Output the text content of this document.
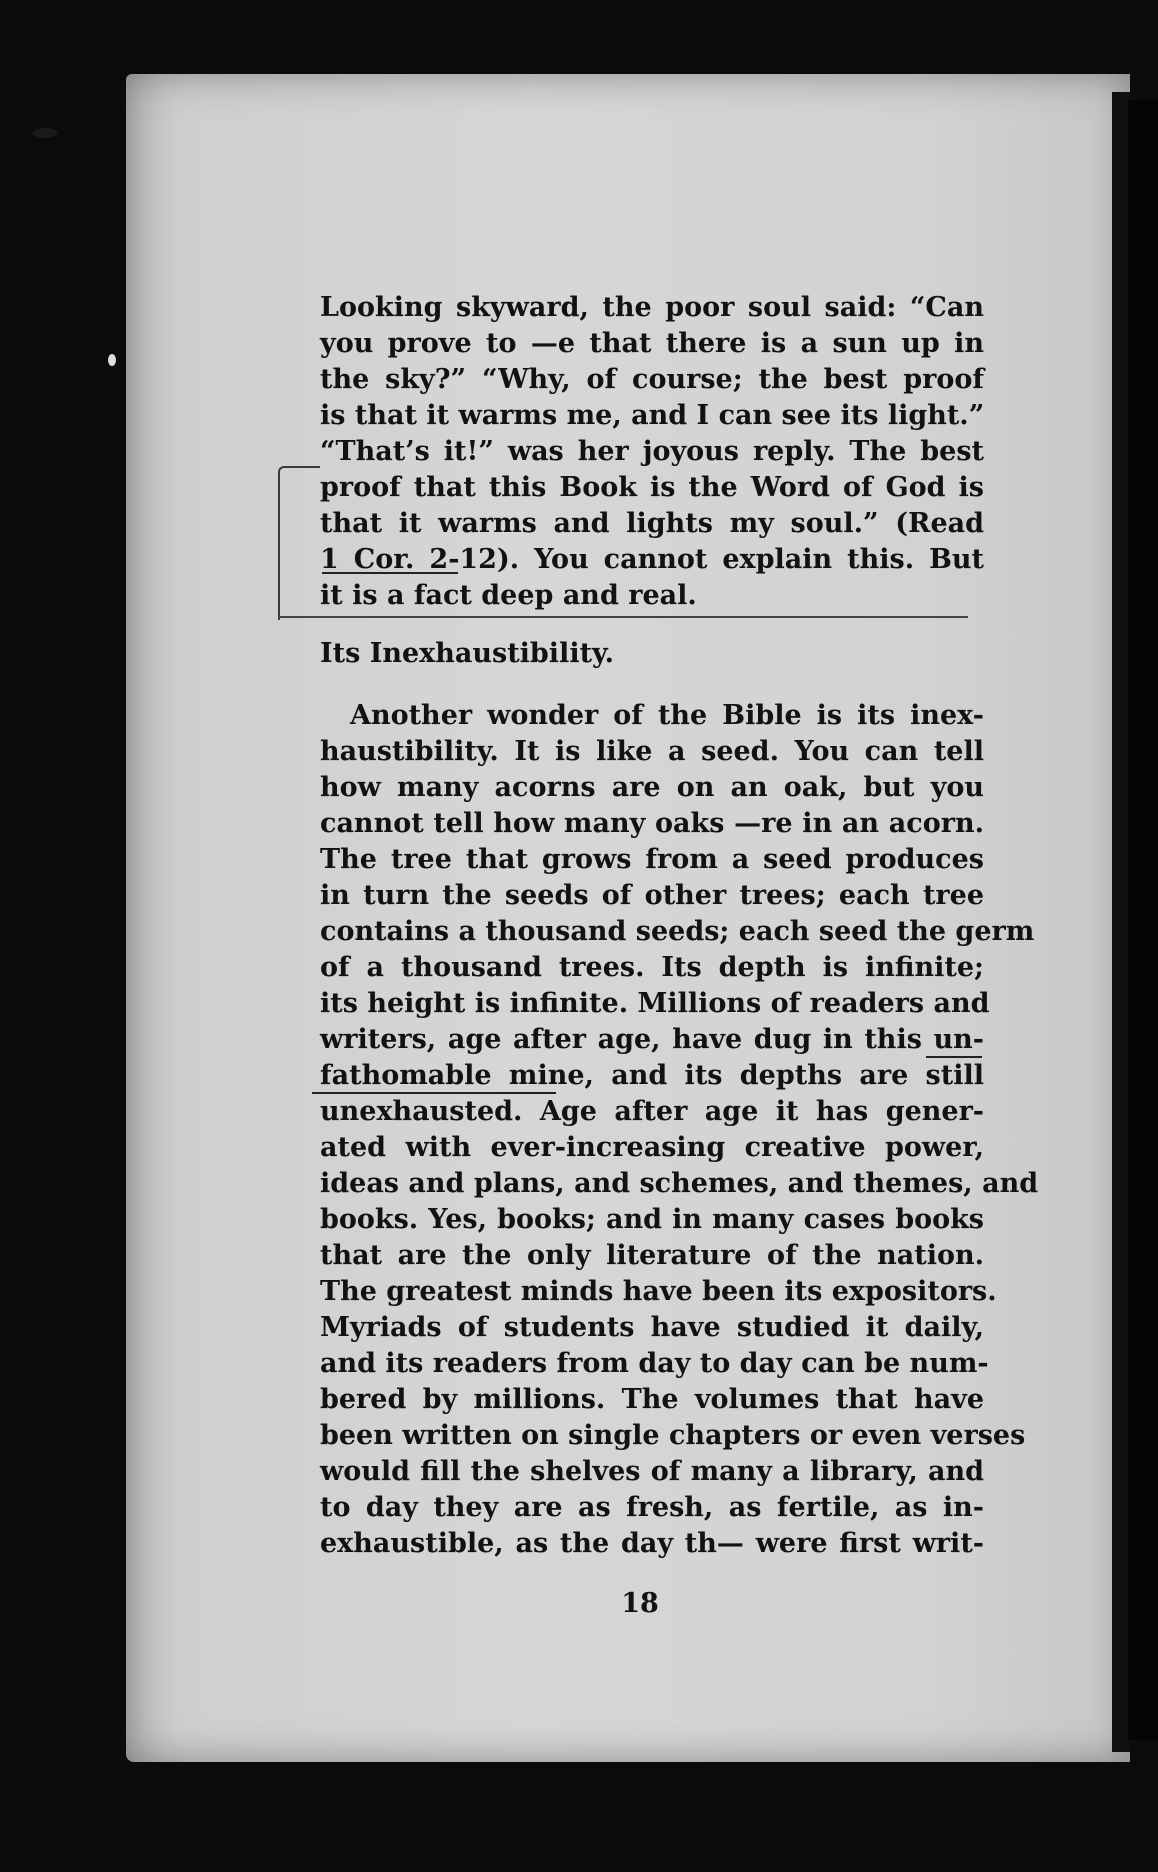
Looking skyward, the poor soul said: “Can
you prove to —e that there is a sun up in
the sky?” “Why, of course; the best proof
is that it warms me, and I can see its light.”
“That’s it!” was her joyous reply. The best
proof that this Book is the Word of God is
that it warms and lights my soul.” (Read
1 Cor. 2-12). You cannot explain this. But
it is a fact deep and real.
Its Inexhaustibility.
Another wonder of the Bible is its inex-
haustibility. It is like a seed. You can tell
how many acorns are on an oak, but you
cannot tell how many oaks —re in an acorn.
The tree that grows from a seed produces
in turn the seeds of other trees; each tree
contains a thousand seeds; each seed the germ
of a thousand trees. Its depth is infinite;
its height is infinite. Millions of readers and
writers, age after age, have dug in this un-
fathomable mine, and its depths are still
unexhausted. Age after age it has gener-
ated with ever-increasing creative power,
ideas and plans, and schemes, and themes, and
books. Yes, books; and in many cases books
that are the only literature of the nation.
The greatest minds have been its expositors.
Myriads of students have studied it daily,
and its readers from day to day can be num-
bered by millions. The volumes that have
been written on single chapters or even verses
would fill the shelves of many a library, and
to day they are as fresh, as fertile, as in-
exhaustible, as the day th— were first writ-
18
